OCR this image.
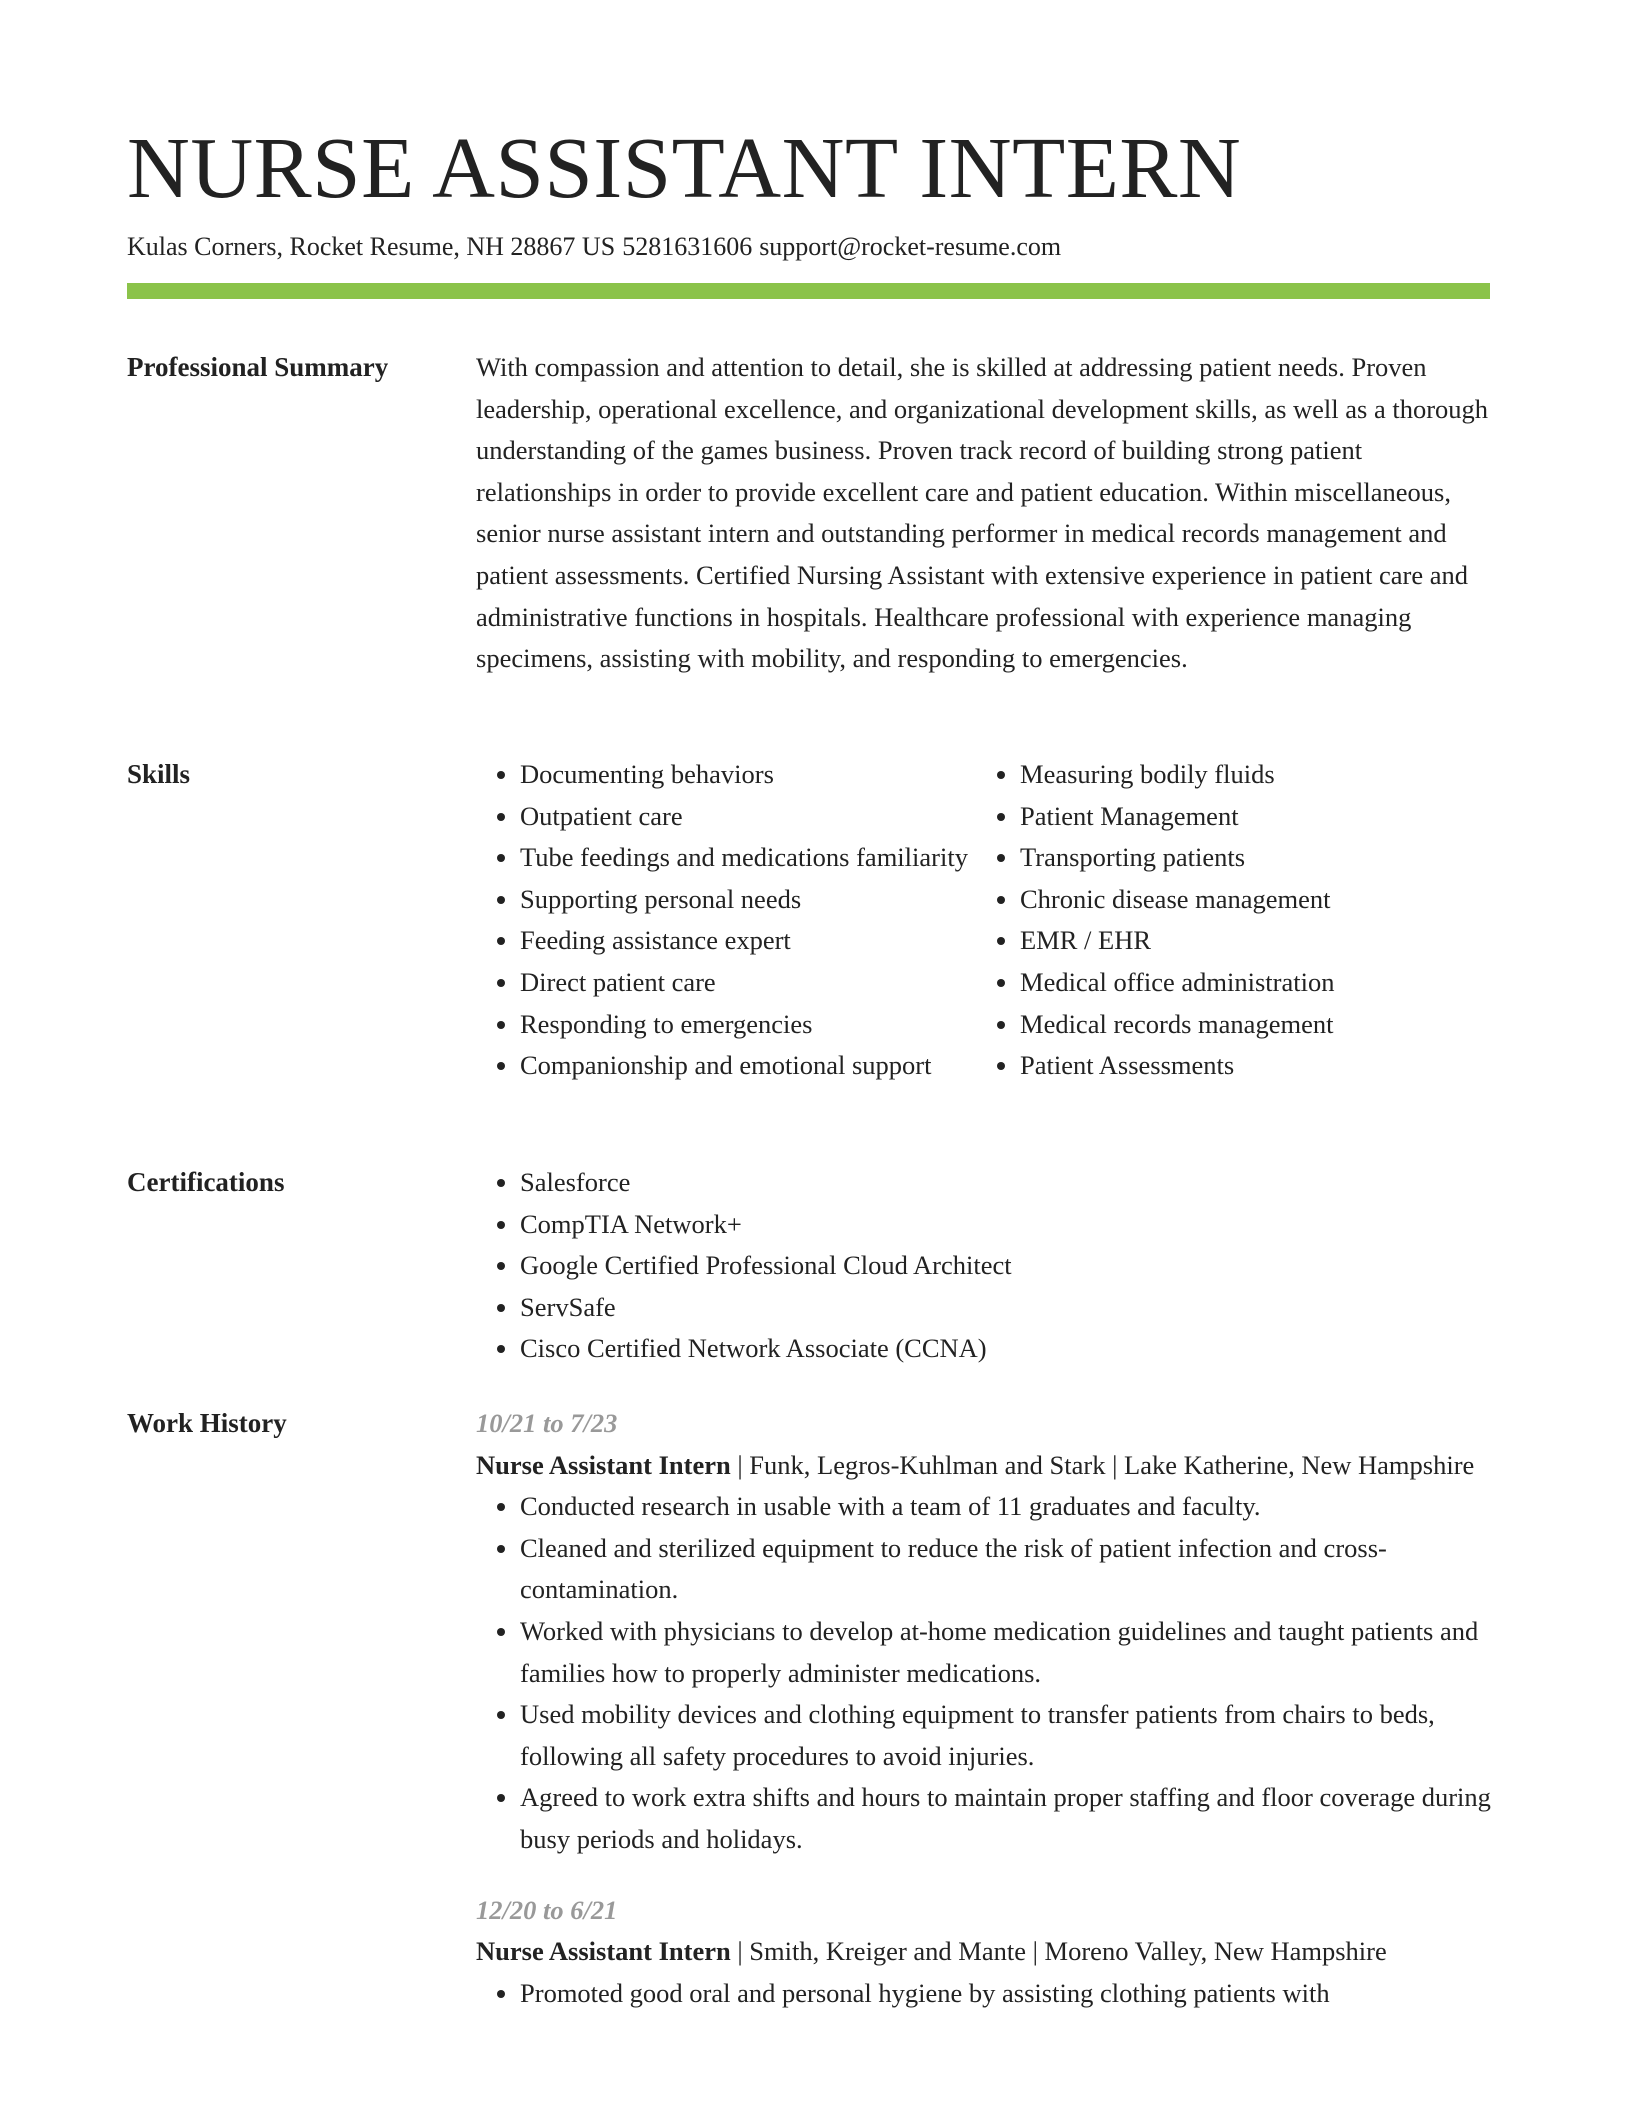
NURSE ASSISTANT INTERN
Kulas Corners, Rocket Resume, NH 28867 US 5281631606 support@rocket-resume.com
Professional Summary	With compassion and attention to detail, she is skilled at addressing patient needs. Proven leadership, operational excellence, and organizational development skills, as well as a thorough understanding of the games business. Proven track record of building strong patient relationships in order to provide excellent care and patient education. Within miscellaneous, senior nurse assistant intern and outstanding performer in medical records management and patient assessments. Certified Nursing Assistant with extensive experience in patient care and administrative functions in hospitals. Healthcare professional with experience managing specimens, assisting with mobility, and responding to emergencies.

Skills	• Documenting behaviors
• Outpatient care
• Tube feedings and medications familiarity
• Supporting personal needs
• Feeding assistance expert
• Direct patient care
• Responding to emergencies
• Companionship and emotional support
• Measuring bodily fluids
• Patient Management
• Transporting patients
• Chronic disease management
• EMR / EHR
• Medical office administration
• Medical records management
• Patient Assessments
Certifications	• Salesforce
• CompTIA Network+
• Google Certified Professional Cloud Architect
• ServSafe
• Cisco Certified Network Associate (CCNA)
Work History	10/21 to 7/23
Nurse Assistant Intern | Funk, Legros-Kuhlman and Stark | Lake Katherine, New Hampshire
• Conducted research in usable with a team of 11 graduates and faculty.
• Cleaned and sterilized equipment to reduce the risk of patient infection and cross-contamination.
• Worked with physicians to develop at-home medication guidelines and taught patients and families how to properly administer medications.
• Used mobility devices and clothing equipment to transfer patients from chairs to beds, following all safety procedures to avoid injuries.
• Agreed to work extra shifts and hours to maintain proper staffing and floor coverage during busy periods and holidays.
12/20 to 6/21
Nurse Assistant Intern | Smith, Kreiger and Mante | Moreno Valley, New Hampshire
• Promoted good oral and personal hygiene by assisting clothing patients with
